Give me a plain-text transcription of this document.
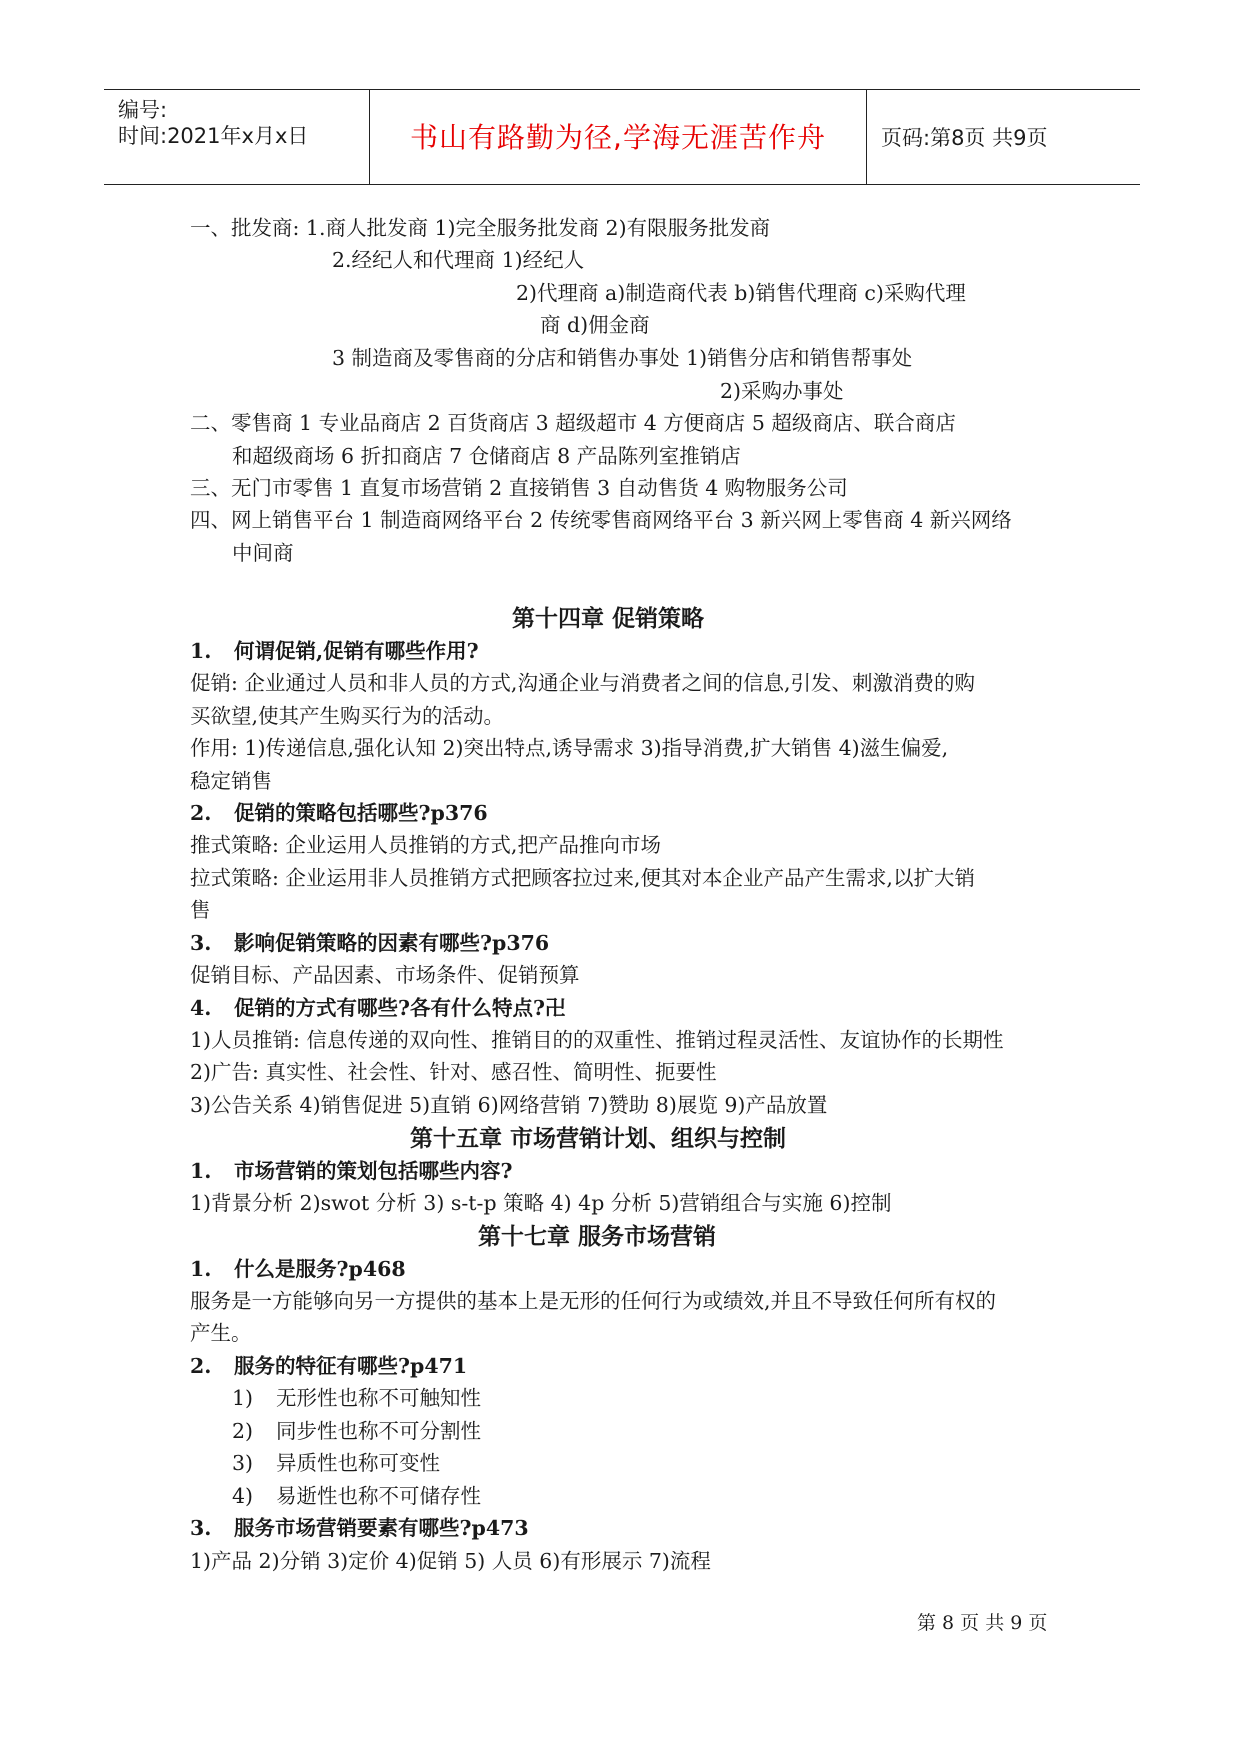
编号:
时间:2021年x月x日	书山有路勤为径,学海无涯苦作舟	页码:第8页 共9页
一、批发商: 1.商人批发商 1)完全服务批发商 2)有限服务批发商
2.经纪人和代理商 1)经纪人
2)代理商 a)制造商代表 b)销售代理商 c)采购代理
商 d)佣金商
3 制造商及零售商的分店和销售办事处 1)销售分店和销售帮事处
2)采购办事处
二、零售商 1 专业品商店 2 百货商店 3 超级超市 4 方便商店 5 超级商店、联合商店
和超级商场 6 折扣商店 7 仓储商店 8 产品陈列室推销店
三、无门市零售 1 直复市场营销 2 直接销售 3 自动售货 4 购物服务公司
四、网上销售平台 1 制造商网络平台 2 传统零售商网络平台 3 新兴网上零售商 4 新兴网络
中间商
第十四章 促销策略
1. 何谓促销,促销有哪些作用?
促销: 企业通过人员和非人员的方式,沟通企业与消费者之间的信息,引发、刺激消费的购
买欲望,使其产生购买行为的活动。
作用: 1)传递信息,强化认知 2)突出特点,诱导需求 3)指导消费,扩大销售 4)滋生偏爱,
稳定销售
2. 促销的策略包括哪些?p376
推式策略: 企业运用人员推销的方式,把产品推向市场
拉式策略: 企业运用非人员推销方式把顾客拉过来,便其对本企业产品产生需求,以扩大销
售
3. 影响促销策略的因素有哪些?p376
促销目标、产品因素、市场条件、促销预算
4. 促销的方式有哪些?各有什么特点?卍
1)人员推销: 信息传递的双向性、推销目的的双重性、推销过程灵活性、友谊协作的长期性
2)广告: 真实性、社会性、针对、感召性、简明性、扼要性
3)公告关系 4)销售促进 5)直销 6)网络营销 7)赞助 8)展览 9)产品放置
第十五章 市场营销计划、组织与控制
1. 市场营销的策划包括哪些内容?
1)背景分析 2)swot 分析 3) s-t-p 策略 4) 4p 分析 5)营销组合与实施 6)控制
第十七章 服务市场营销
1. 什么是服务?p468
服务是一方能够向另一方提供的基本上是无形的任何行为或绩效,并且不导致任何所有权的
产生。
2. 服务的特征有哪些?p471
1) 无形性也称不可触知性
2) 同步性也称不可分割性
3) 异质性也称可变性
4) 易逝性也称不可储存性
3. 服务市场营销要素有哪些?p473
1)产品 2)分销 3)定价 4)促销 5) 人员 6)有形展示 7)流程
第 8 页 共 9 页
